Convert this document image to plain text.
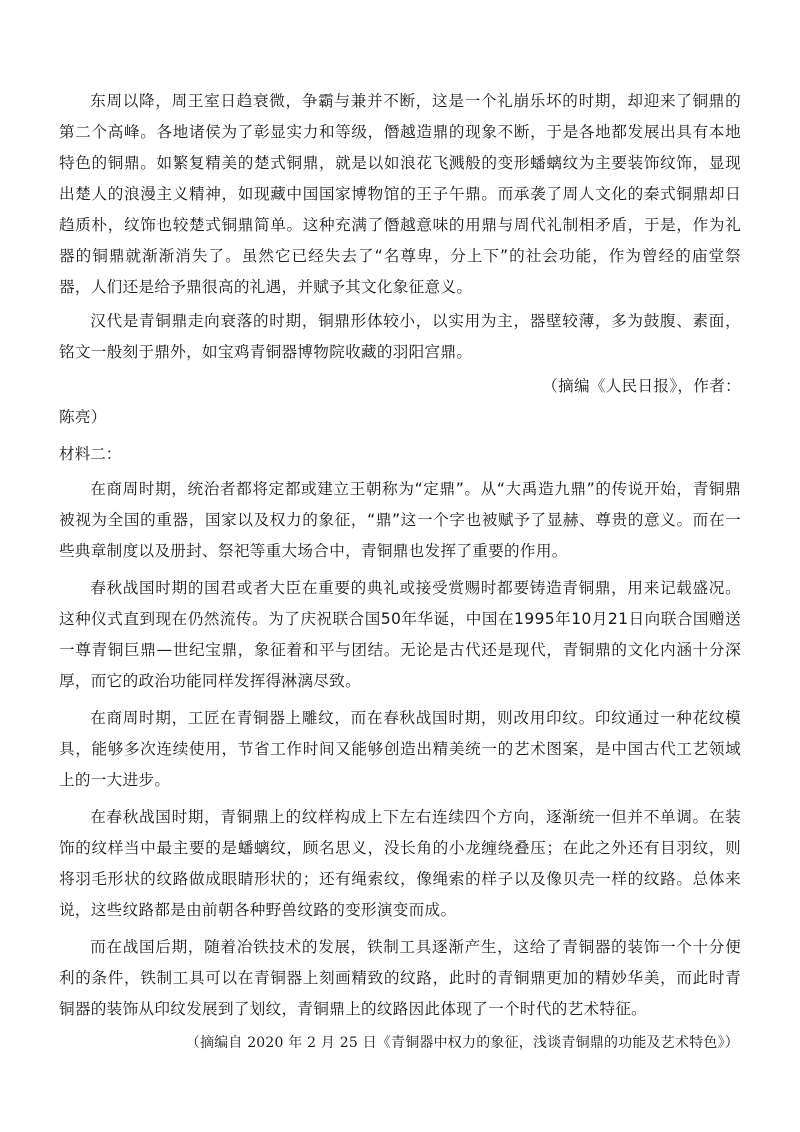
东周以降，周王室日趋衰微，争霸与兼并不断，这是一个礼崩乐坏的时期，却迎来了铜鼎的第二个高峰。各地诸侯为了彰显实力和等级，僭越造鼎的现象不断，于是各地都发展出具有本地特色的铜鼎。如繁复精美的楚式铜鼎，就是以如浪花飞溅般的变形蟠螭纹为主要装饰纹饰，显现出楚人的浪漫主义精神，如现藏中国国家博物馆的王子午鼎。而承袭了周人文化的秦式铜鼎却日趋质朴，纹饰也较楚式铜鼎简单。这种充满了僭越意味的用鼎与周代礼制相矛盾，于是，作为礼器的铜鼎就渐渐消失了。虽然它已经失去了“名尊卑，分上下”的社会功能，作为曾经的庙堂祭器，人们还是给予鼎很高的礼遇，并赋予其文化象征意义。

汉代是青铜鼎走向衰落的时期，铜鼎形体较小，以实用为主，器壁较薄，多为鼓腹、素面，铭文一般刻于鼎外，如宝鸡青铜器博物院收藏的羽阳宫鼎。

（摘编《人民日报》，作者：

陈亮）

材料二：

在商周时期，统治者都将定都或建立王朝称为“定鼎”。从“大禹造九鼎”的传说开始，青铜鼎被视为全国的重器，国家以及权力的象征，“鼎”这一个字也被赋予了显赫、尊贵的意义。而在一些典章制度以及册封、祭祀等重大场合中，青铜鼎也发挥了重要的作用。

春秋战国时期的国君或者大臣在重要的典礼或接受赏赐时都要铸造青铜鼎，用来记载盛况。这种仪式直到现在仍然流传。为了庆祝联合国50年华诞，中国在1995年10月21日向联合国赠送一尊青铜巨鼎—世纪宝鼎，象征着和平与团结。无论是古代还是现代，青铜鼎的文化内涵十分深厚，而它的政治功能同样发挥得淋漓尽致。

在商周时期，工匠在青铜器上雕纹，而在春秋战国时期，则改用印纹。印纹通过一种花纹模具，能够多次连续使用，节省工作时间又能够创造出精美统一的艺术图案，是中国古代工艺领域上的一大进步。

在春秋战国时期，青铜鼎上的纹样构成上下左右连续四个方向，逐渐统一但并不单调。在装饰的纹样当中最主要的是蟠螭纹，顾名思义，没长角的小龙缠绕叠压；在此之外还有目羽纹，则将羽毛形状的纹路做成眼睛形状的；还有绳索纹，像绳索的样子以及像贝壳一样的纹路。总体来说，这些纹路都是由前朝各种野兽纹路的变形演变而成。

而在战国后期，随着冶铁技术的发展，铁制工具逐渐产生，这给了青铜器的装饰一个十分便利的条件，铁制工具可以在青铜器上刻画精致的纹路，此时的青铜鼎更加的精妙华美，而此时青铜器的装饰从印纹发展到了划纹，青铜鼎上的纹路因此体现了一个时代的艺术特征。

（摘编自 2020 年 2 月 25 日《青铜器中权力的象征，浅谈青铜鼎的功能及艺术特色》）
